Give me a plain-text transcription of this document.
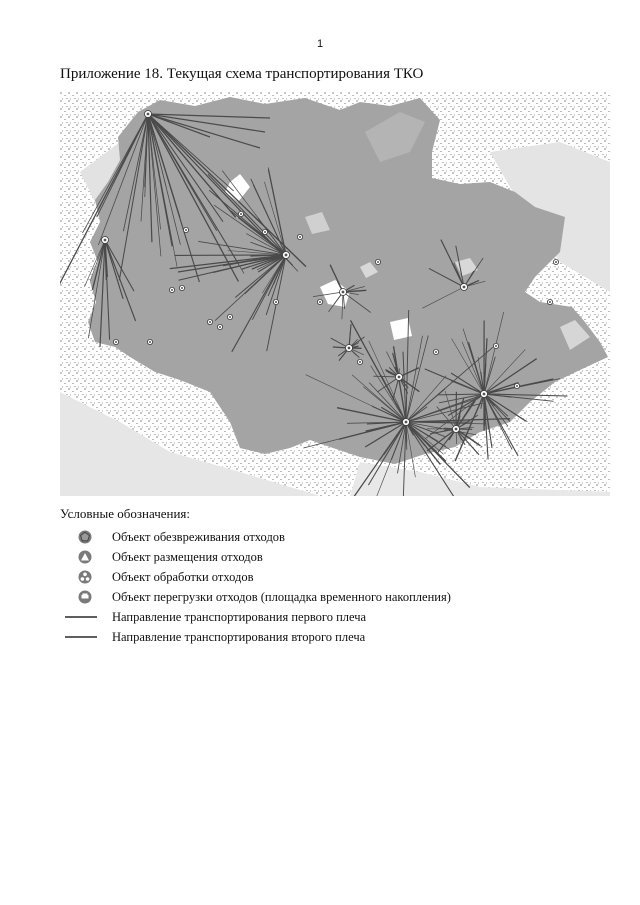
1
Приложение 18. Текущая схема транспортирования ТКО
Условные обозначения:
Объект обезвреживания отходов
Объект размещения отходов
Объект обработки отходов
Объект перегрузки отходов (площадка временного накопления)
Направление транспортирования первого плеча
Направление транспортирования второго плеча
